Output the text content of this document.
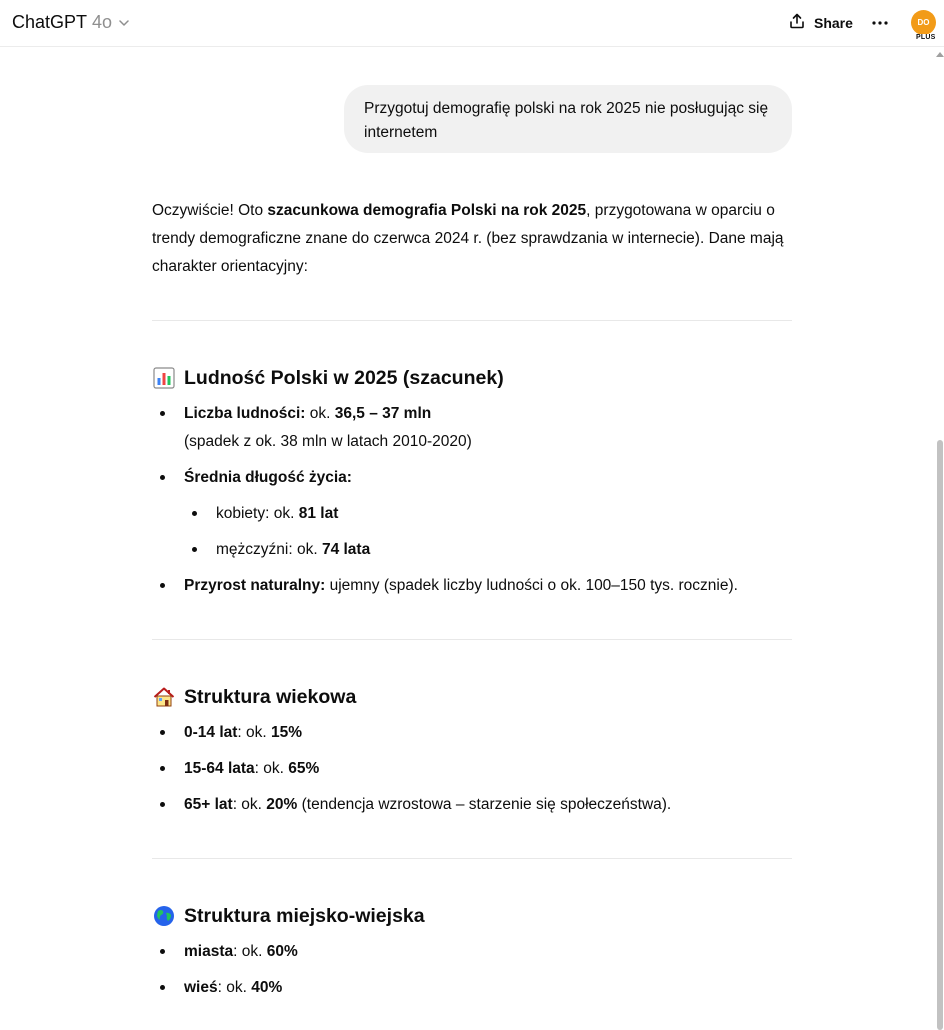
ChatGPT 4o	Share	DO
PLUS
Przygotuj demografię polski na rok 2025 nie posługując się internetem

Oczywiście! Oto szacunkowa demografia Polski na rok 2025, przygotowana w oparciu o trendy demograficzne znane do czerwca 2024 r. (bez sprawdzania w internecie). Dane mają charakter orientacyjny:

Ludność Polski w 2025 (szacunek)
Liczba ludności: ok. 36,5 – 37 mln
(spadek z ok. 38 mln w latach 2010-2020)
Średnia długość życia:
kobiety: ok. 81 lat
mężczyźni: ok. 74 lata
Przyrost naturalny: ujemny (spadek liczby ludności o ok. 100–150 tys. rocznie).
Struktura wiekowa
0-14 lat: ok. 15%
15-64 lata: ok. 65%
65+ lat: ok. 20% (tendencja wzrostowa – starzenie się społeczeństwa).
Struktura miejsko-wiejska
miasta: ok. 60%
wieś: ok. 40%
